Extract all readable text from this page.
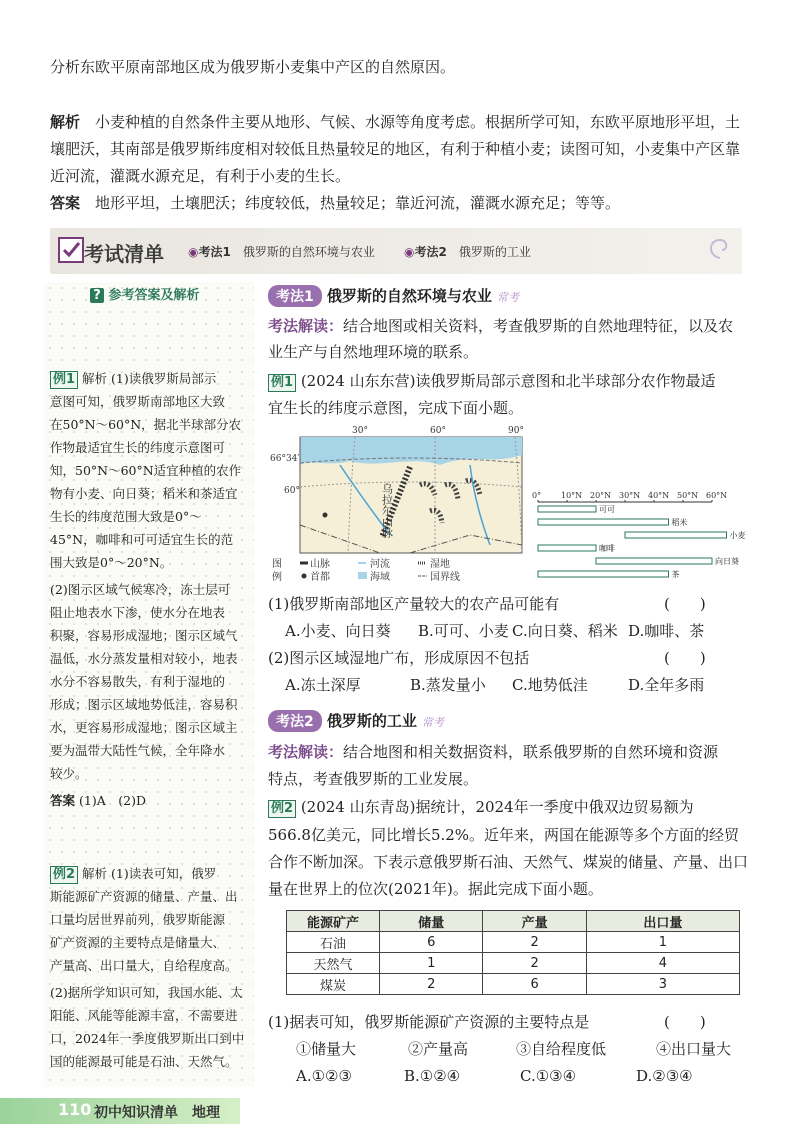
分析东欧平原南部地区成为俄罗斯小麦集中产区的自然原因。
解析　 小麦种植的自然条件主要从地形、气候、水源等角度考虑。根据所学可知，东欧平原地形平坦，土
壤肥沃，其南部是俄罗斯纬度相对较低且热量较足的地区，有利于种植小麦；读图可知，小麦集中产区靠
近河流，灌溉水源充足，有利于小麦的生长。
答案　 地形平坦，土壤肥沃；纬度较低，热量较足；靠近河流，灌溉水源充足；等等。
考试清单 ◉考法1　 俄罗斯的自然环境与农业 ◉考法2　 俄罗斯的工业
? 参考答案及解析
例1 解析 (1)读俄罗斯局部示
意图可知，俄罗斯南部地区大致
在50°N～60°N，据北半球部分农
作物最适宜生长的纬度示意图可
知，50°N～60°N适宜种植的农作
物有小麦、向日葵；稻米和茶适宜
生长的纬度范围大致是0°～
45°N，咖啡和可可适宜生长的范
围大致是0°～20°N。
(2)图示区域气候寒冷，冻土层可
阻止地表水下渗，使水分在地表
积聚，容易形成湿地；图示区域气
温低，水分蒸发量相对较小，地表
水分不容易散失，有利于湿地的
形成；图示区域地势低洼，容易积
水，更容易形成湿地；图示区域主
要为温带大陆性气候，全年降水
较少。
答案 (1)A　(2)D
例2 解析 (1)读表可知，俄罗
斯能源矿产资源的储量、产量、出
口量均居世界前列，俄罗斯能源
矿产资源的主要特点是储量大、
产量高、出口量大，自给程度高。
(2)据所学知识可知，我国水能、太
阳能、风能等能源丰富，不需要进
口，2024年一季度俄罗斯出口到中
国的能源最可能是石油、天然气。
考法1 俄罗斯的自然环境与农业 常考
考法解读：结合地图或相关资料，考查俄罗斯的自然地理特征，以及农
业生产与自然地理环境的联系。
例1 (2024 山东东营)读俄罗斯局部示意图和北半球部分农作物最适
宜生长的纬度示意图，完成下面小题。
30°	60°	90°
66°34′
60°	乌拉尔山脉
图
例
山脉	河流	湿地
首都	海域	国界线
0° 10°N 20°N 30°N 40°N 50°N 60°N
可可
稻米
小麦
咖啡
向日葵
茶
(1)俄罗斯南部地区产量较大的农产品可能有	(　　)
A.小麦、向日葵 B.可可、小麦 C.向日葵、稻米 D.咖啡、茶
(2)图示区域湿地广布，形成原因不包括	(　　)
A.冻土深厚	B.蒸发量小 C.地势低洼	D.全年多雨
考法2 俄罗斯的工业 常考
考法解读：结合地图和相关数据资料，联系俄罗斯的自然环境和资源
特点，考查俄罗斯的工业发展。
例2 (2024 山东青岛)据统计，2024年一季度中俄双边贸易额为
566.8亿美元，同比增长5.2%。近年来，两国在能源等多个方面的经贸
合作不断加深。下表示意俄罗斯石油、天然气、煤炭的储量、产量、出口
量在世界上的位次(2021年)。据此完成下面小题。
能源矿产	储量	产量	出口量
石油	6	2	1
天然气	1	2	4
煤炭	2	6	3
(1)据表可知，俄罗斯能源矿产资源的主要特点是	(　　)
①储量大	②产量高	③自给程度低	④出口量大
A.①②③	B.①②④	C.①③④	D.②③④
110 初中知识清单　地理
